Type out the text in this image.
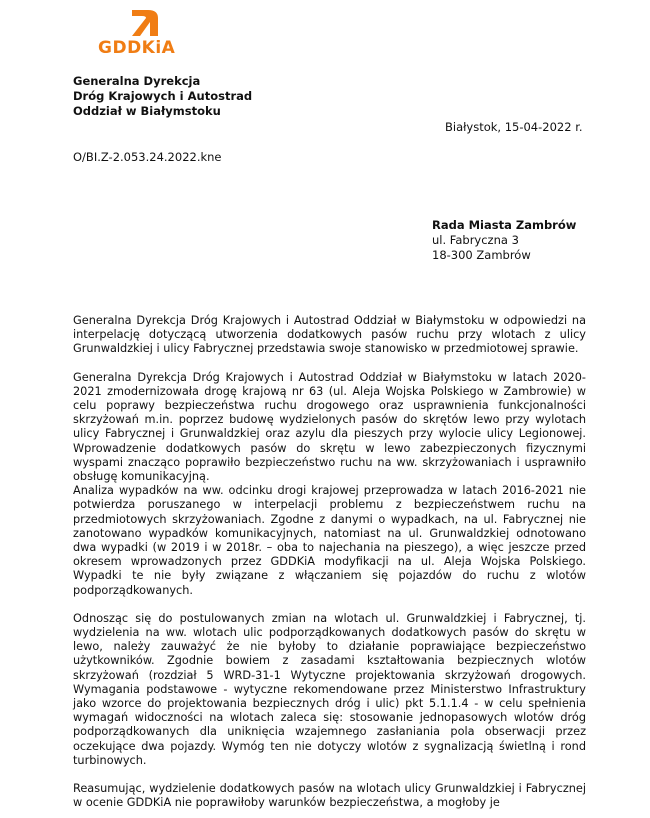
GDDKiA
Generalna Dyrekcja
Dróg Krajowych i Autostrad
Oddział w Białymstoku
Białystok, 15-04-2022 r.
O/BI.Z-2.053.24.2022.kne
Rada Miasta Zambrów
ul. Fabryczna 3
18-300 Zambrów

Generalna Dyrekcja Dróg Krajowych i Autostrad Oddział w Białymstoku w odpowiedzi na interpelację dotyczącą utworzenia dodatkowych pasów ruchu przy wlotach z ulicy Grunwaldzkiej i ulicy Fabrycznej przedstawia swoje stanowisko w przedmiotowej sprawie.

Generalna Dyrekcja Dróg Krajowych i Autostrad Oddział w Białymstoku w latach 2020-2021 zmodernizowała drogę krajową nr 63 (ul. Aleja Wojska Polskiego w Zambrowie) w celu poprawy bezpieczeństwa ruchu drogowego oraz usprawnienia funkcjonalności skrzyżowań m.in. poprzez budowę wydzielonych pasów do skrętów lewo przy wylotach ulicy Fabrycznej i Grunwaldzkiej oraz azylu dla pieszych przy wylocie ulicy Legionowej. Wprowadzenie dodatkowych pasów do skrętu w lewo zabezpieczonych fizycznymi wyspami znacząco poprawiło bezpieczeństwo ruchu na ww. skrzyżowaniach i usprawniło obsługę komunikacyjną.

Analiza wypadków na ww. odcinku drogi krajowej przeprowadza w latach 2016-2021 nie potwierdza poruszanego w interpelacji problemu z bezpieczeństwem ruchu na przedmiotowych skrzyżowaniach. Zgodne z danymi o wypadkach, na ul. Fabrycznej nie zanotowano wypadków komunikacyjnych, natomiast na ul. Grunwaldzkiej odnotowano dwa wypadki (w 2019 i w 2018r. – oba to najechania na pieszego), a więc jeszcze przed okresem wprowadzonych przez GDDKiA modyfikacji na ul. Aleja Wojska Polskiego. Wypadki te nie były związane z włączaniem się pojazdów do ruchu z wlotów podporządkowanych.

Odnosząc się do postulowanych zmian na wlotach ul. Grunwaldzkiej i Fabrycznej, tj. wydzielenia na ww. wlotach ulic podporządkowanych dodatkowych pasów do skrętu w lewo, należy zauważyć że nie byłoby to działanie poprawiające bezpieczeństwo użytkowników. Zgodnie bowiem z zasadami kształtowania bezpiecznych wlotów skrzyżowań (rozdział 5 WRD-31-1 Wytyczne projektowania skrzyżowań drogowych. Wymagania podstawowe - wytyczne rekomendowane przez Ministerstwo Infrastruktury jako wzorce do projektowania bezpiecznych dróg i ulic) pkt 5.1.1.4 - w celu spełnienia wymagań widoczności na wlotach zaleca się: stosowanie jednopasowych wlotów dróg podporządkowanych dla uniknięcia wzajemnego zasłaniania pola obserwacji przez oczekujące dwa pojazdy. Wymóg ten nie dotyczy wlotów z sygnalizacją świetlną i rond turbinowych.

Reasumując, wydzielenie dodatkowych pasów na wlotach ulicy Grunwaldzkiej i Fabrycznej w ocenie GDDKiA nie poprawiłoby warunków bezpieczeństwa, a mogłoby je
